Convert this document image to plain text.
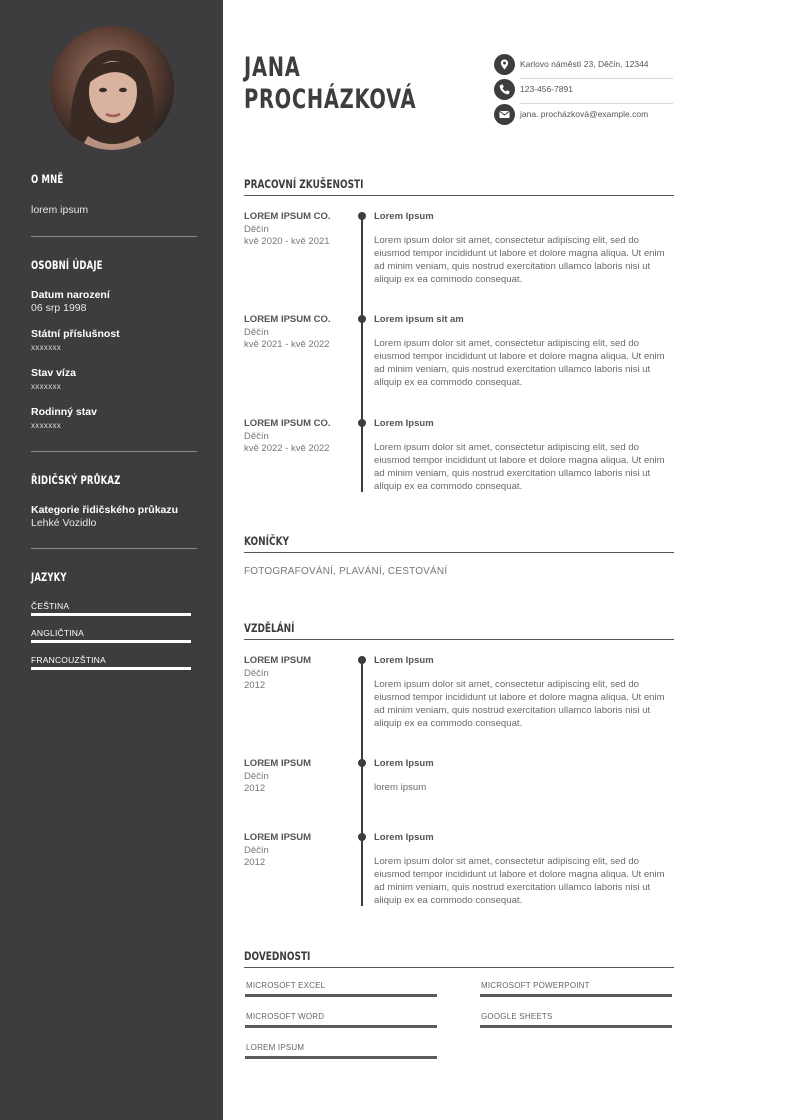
O MNĚ
lorem ipsum
OSOBNÍ ÚDAJE
Datum narození
06 srp 1998
Státní příslušnost
xxxxxxx
Stav víza
xxxxxxx
Rodinný stav
xxxxxxx
ŘIDIČSKÝ PRŮKAZ
Kategorie řidičského průkazu
Lehké Vozidlo
JAZYKY
ČEŠTINA
ANGLIČTINA
FRANCOUZŠTINA
JANA
PROCHÁZKOVÁ
Karlovo náměstí 23, Děčín, 12344
123-456-7891
jana. procházková@example.com
PRACOVNÍ ZKUŠENOSTI
LOREM IPSUM CO.
Děčín
kvě 2020 - kvě 2021
Lorem Ipsum
Lorem ipsum dolor sit amet, consectetur adipiscing elit, sed do eiusmod tempor incididunt ut labore et dolore magna aliqua. Ut enim ad minim veniam, quis nostrud exercitation ullamco laboris nisi ut aliquip ex ea commodo consequat.
LOREM IPSUM CO.
Děčín
kvě 2021 - kvě 2022
Lorem ipsum sit am
Lorem ipsum dolor sit amet, consectetur adipiscing elit, sed do eiusmod tempor incididunt ut labore et dolore magna aliqua. Ut enim ad minim veniam, quis nostrud exercitation ullamco laboris nisi ut aliquip ex ea commodo consequat.
LOREM IPSUM CO.
Děčín
kvě 2022 - kvě 2022
Lorem Ipsum
Lorem ipsum dolor sit amet, consectetur adipiscing elit, sed do eiusmod tempor incididunt ut labore et dolore magna aliqua. Ut enim ad minim veniam, quis nostrud exercitation ullamco laboris nisi ut aliquip ex ea commodo consequat.
KONÍČKY
FOTOGRAFOVÁNÍ, PLAVÁNÍ, CESTOVÁNÍ
VZDĚLÁNÍ
LOREM IPSUM
Děčín
2012
Lorem Ipsum
Lorem ipsum dolor sit amet, consectetur adipiscing elit, sed do eiusmod tempor incididunt ut labore et dolore magna aliqua. Ut enim ad minim veniam, quis nostrud exercitation ullamco laboris nisi ut aliquip ex ea commodo consequat.
LOREM IPSUM
Děčín
2012
Lorem Ipsum
lorem ipsum
LOREM IPSUM
Děčín
2012
Lorem Ipsum
Lorem ipsum dolor sit amet, consectetur adipiscing elit, sed do eiusmod tempor incididunt ut labore et dolore magna aliqua. Ut enim ad minim veniam, quis nostrud exercitation ullamco laboris nisi ut aliquip ex ea commodo consequat.
DOVEDNOSTI
MICROSOFT EXCEL	MICROSOFT POWERPOINT
MICROSOFT WORD	GOOGLE SHEETS
LOREM IPSUM
